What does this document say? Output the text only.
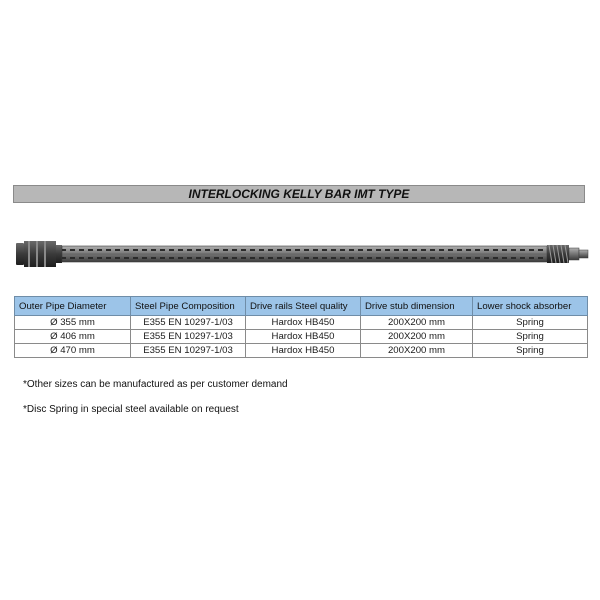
INTERLOCKING KELLY BAR IMT TYPE
Outer Pipe Diameter	Steel Pipe Composition	Drive rails Steel quality	Drive stub dimension	Lower shock absorber
Ø 355 mm	E355 EN 10297-1/03	Hardox HB450	200X200 mm	Spring
Ø 406 mm	E355 EN 10297-1/03	Hardox HB450	200X200 mm	Spring
Ø 470 mm	E355 EN 10297-1/03	Hardox HB450	200X200 mm	Spring
*Other sizes can be manufactured as per customer demand
*Disc Spring in special steel available on request
